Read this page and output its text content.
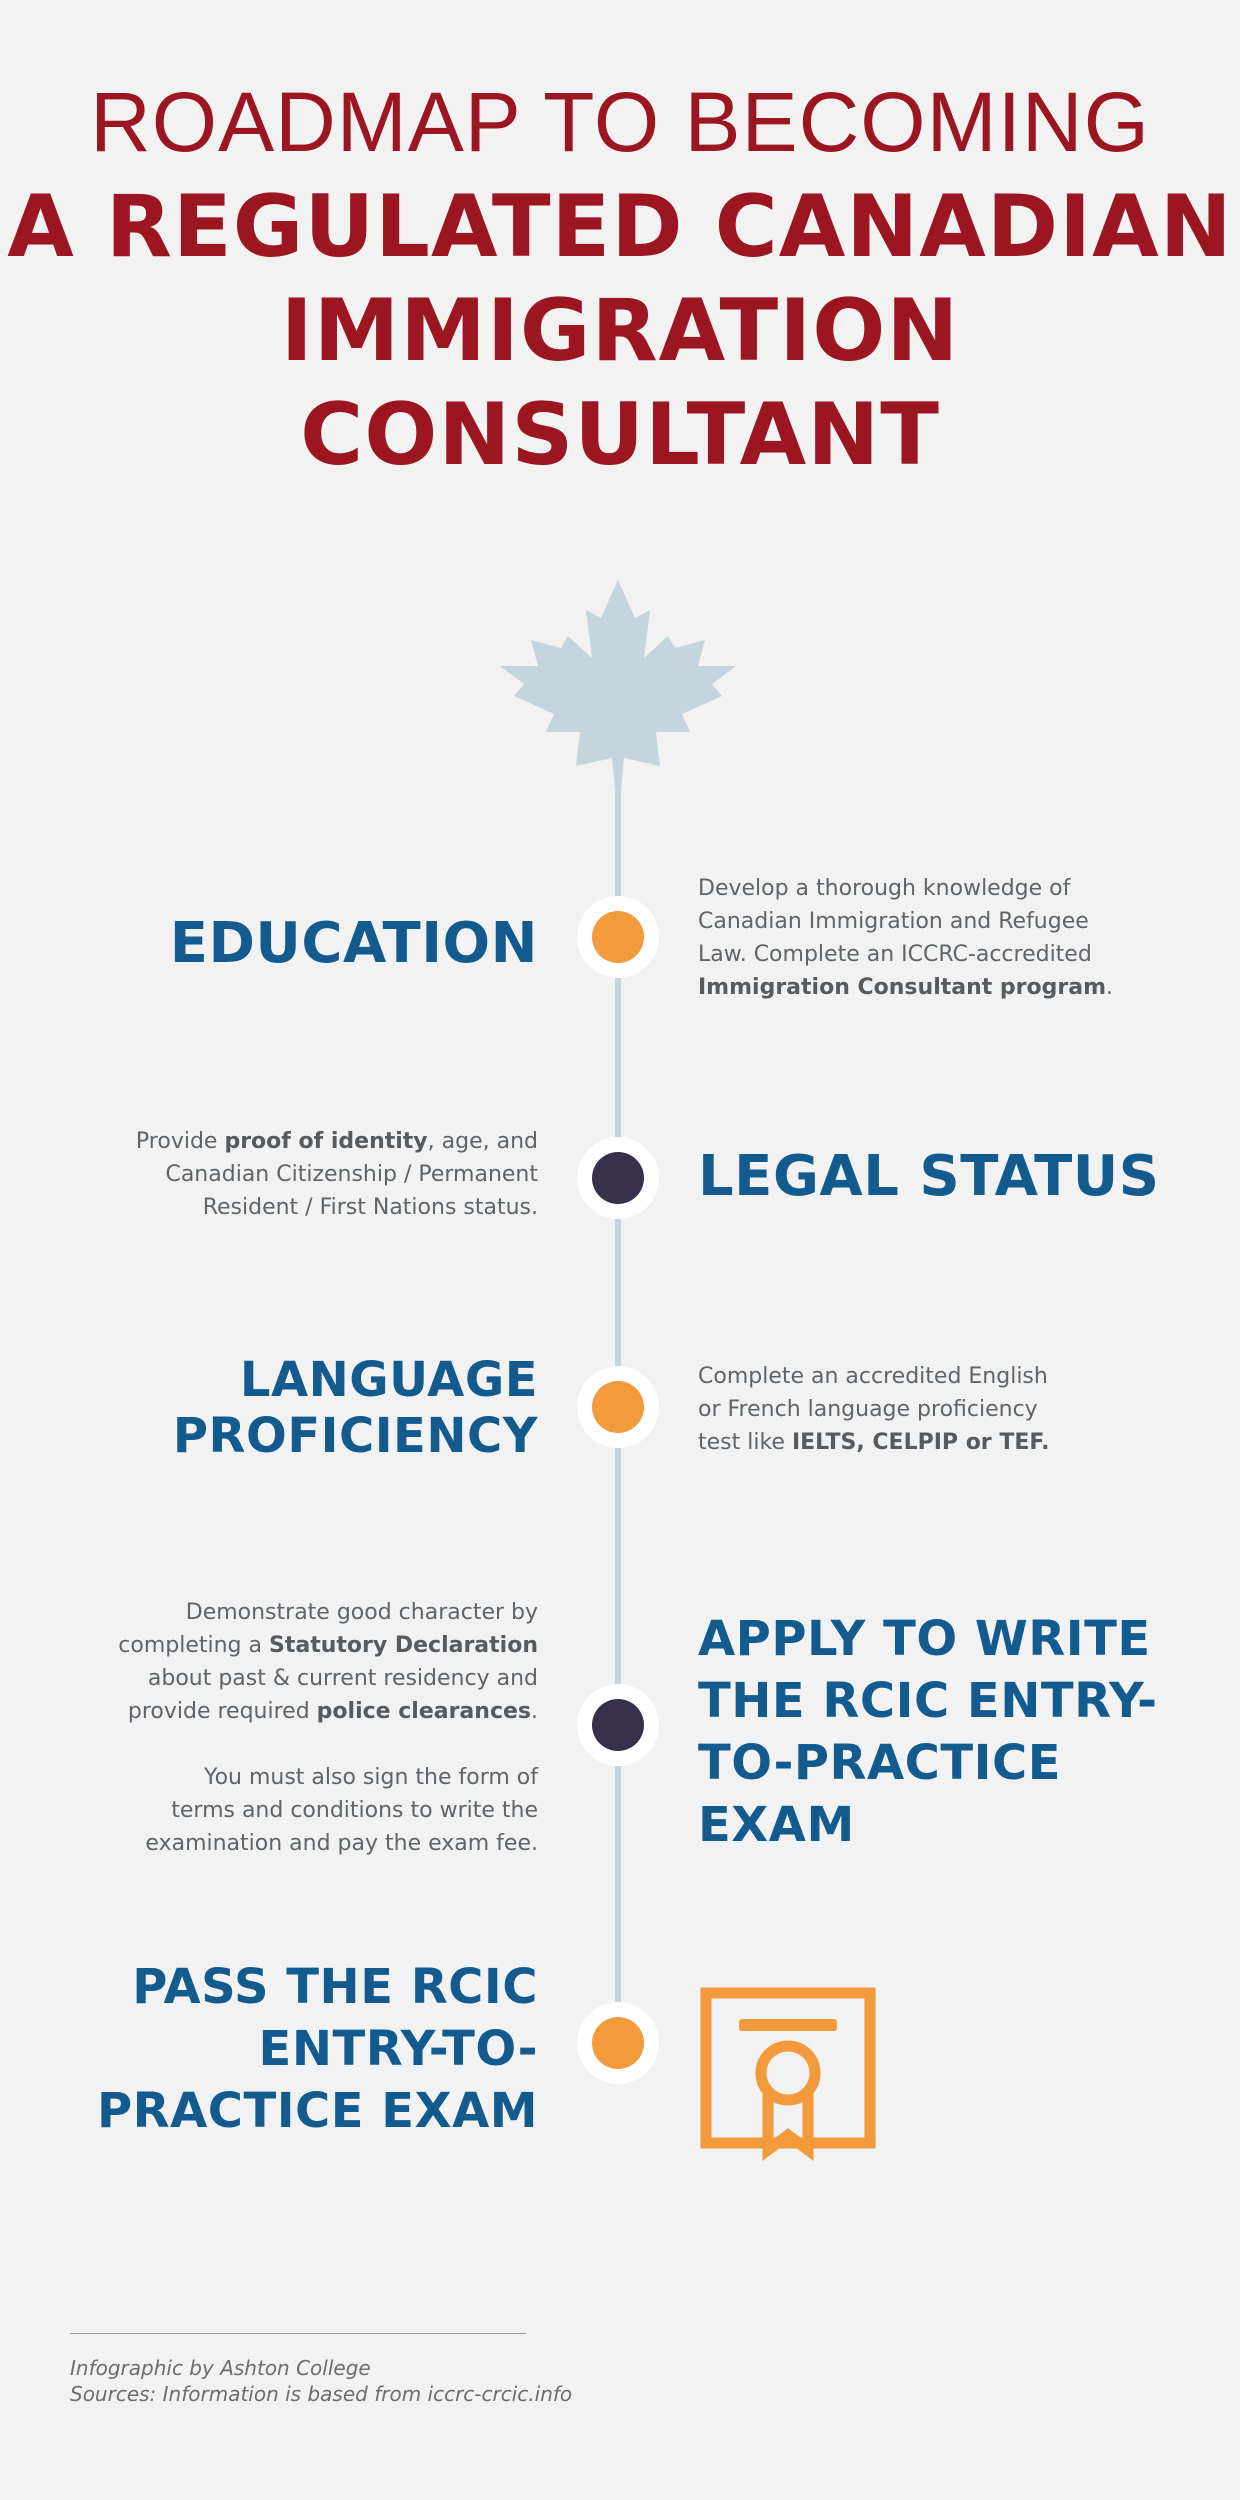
ROADMAP TO BECOMING
A REGULATED CANADIAN
IMMIGRATION
CONSULTANT
EDUCATION
Develop a thorough knowledge of
Canadian Immigration and Refugee
Law. Complete an ICCRC-accredited
Immigration Consultant program.
LEGAL STATUS
Provide proof of identity, age, and
Canadian Citizenship / Permanent
Resident / First Nations status.
LANGUAGE
PROFICIENCY
Complete an accredited English
or French language proficiency
test like IELTS, CELPIP or TEF.
APPLY TO WRITE
THE RCIC ENTRY-
TO-PRACTICE
EXAM
Demonstrate good character by
completing a Statutory Declaration
about past & current residency and
provide required police clearances.
You must also sign the form of
terms and conditions to write the
examination and pay the exam fee.
PASS THE RCIC
ENTRY-TO-
PRACTICE EXAM
Infographic by Ashton College
Sources: Information is based from iccrc-crcic.info
